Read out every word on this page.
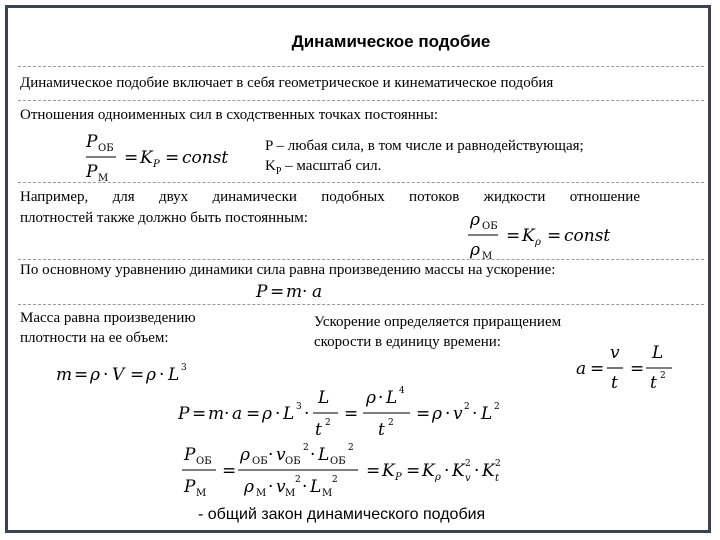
Динамическое подобие
Динамическое подобие включает в себя геометрическое и кинематическое подобия
Отношения одноименных сил в сходственных точках постоянны:
P ОБ
P М
= K P = const
P – любая сила, в том числе и равнодействующая;
$K_P$ – масштаб сил.
Например, для двух динамически подобных потоков жидкости отношение
плотностей также должно быть постоянным:	ρ ОБ
ρ М
= K ρ = const
По основному уравнению динамики сила равна произведению массы на ускорение:
P = m · a
Масса равна произведению
плотности на ее объем:
Ускорение определяется приращением
скорости в единицу времени:
m = ρ · V = ρ · L 3	a =
v
t
=
L
t 2
P = m · a = ρ · L 3 ·
L
t 2 =
ρ · L 4
t 2 = ρ · v 2 · L 2
P ОБ
P М
=
ρ ОБ · v ОБ
2 · L ОБ
2
ρ М · v М
2 · L М
2 = K P = K ρ · K v
2 · K t
2
- общий закон динамического подобия
